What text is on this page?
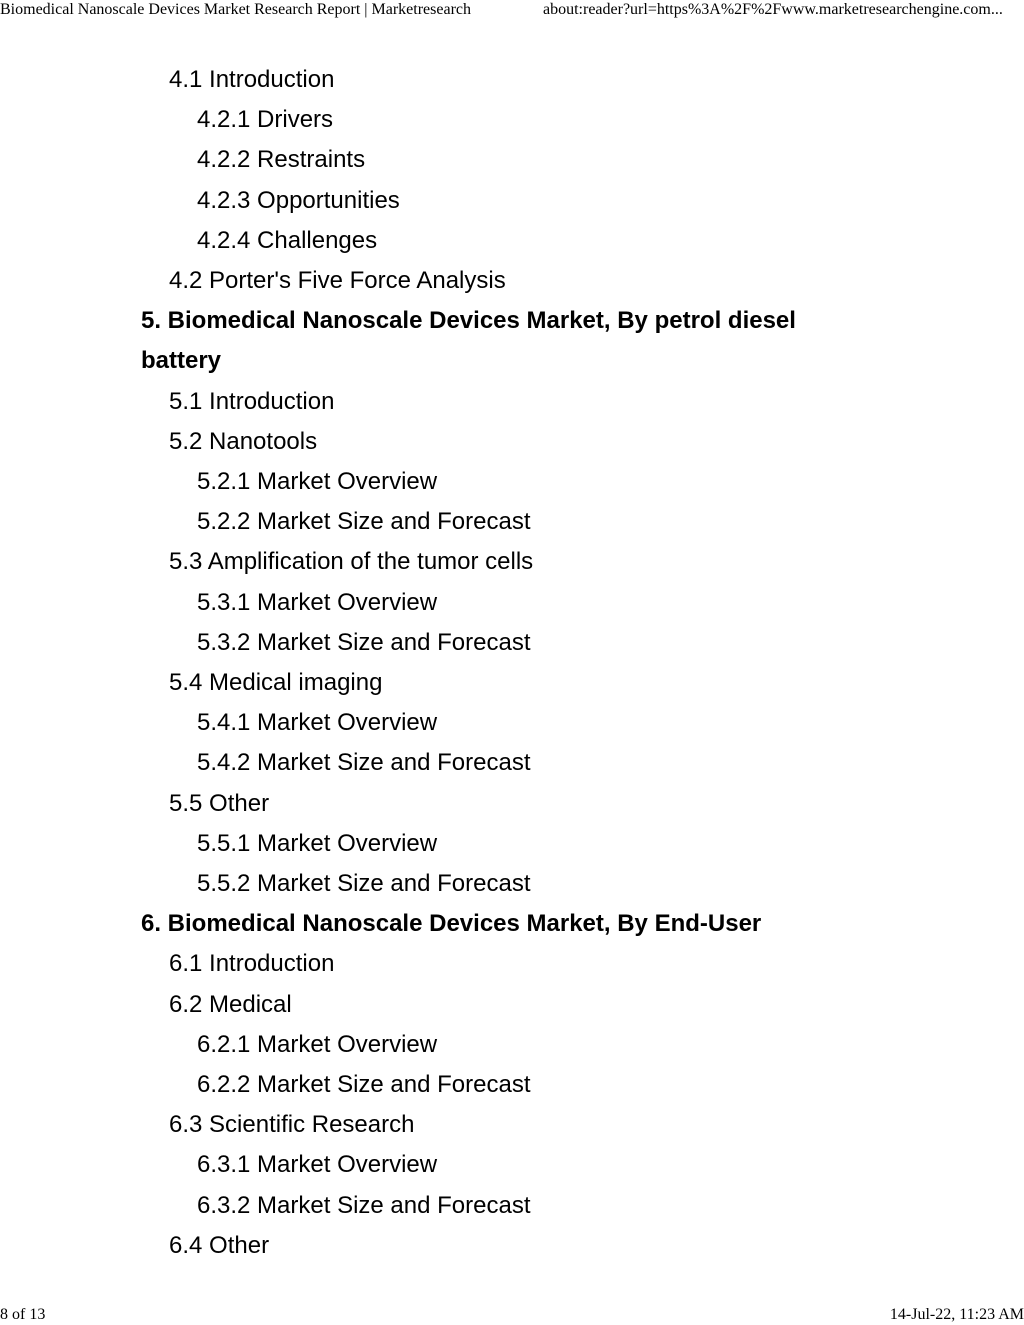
Biomedical Nanoscale Devices Market Research Report | Marketresearch	about:reader?url=https%3A%2F%2Fwww.marketresearchengine.com...

4.1 Introduction

4.2.1 Drivers

4.2.2 Restraints

4.2.3 Opportunities

4.2.4 Challenges

4.2 Porter's Five Force Analysis

5. Biomedical Nanoscale Devices Market, By petrol diesel battery

5.1 Introduction

5.2 Nanotools

5.2.1 Market Overview

5.2.2 Market Size and Forecast

5.3 Amplification of the tumor cells

5.3.1 Market Overview

5.3.2 Market Size and Forecast

5.4 Medical imaging

5.4.1 Market Overview

5.4.2 Market Size and Forecast

5.5 Other

5.5.1 Market Overview

5.5.2 Market Size and Forecast

6. Biomedical Nanoscale Devices Market, By End-User

6.1 Introduction

6.2 Medical

6.2.1 Market Overview

6.2.2 Market Size and Forecast

6.3 Scientific Research

6.3.1 Market Overview

6.3.2 Market Size and Forecast

6.4 Other

8 of 13	14-Jul-22, 11:23 AM
